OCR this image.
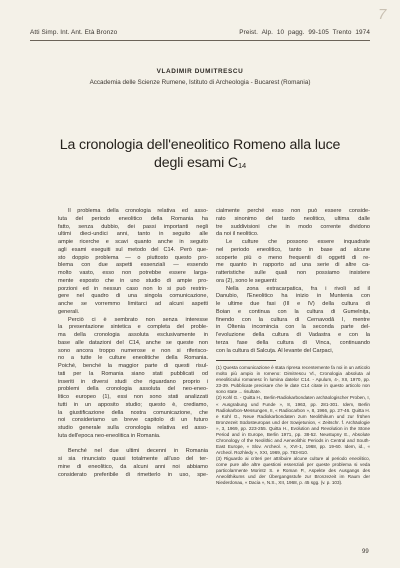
7
Atti Simp. Int. Ant. Età Bronzo	Preist. Alp. 10 pagg. 99-105 Trento 1974
VLADIMIR DUMITRESCU
Accademia delle Scienze Rumene, Istituto di Archeologia - Bucarest (Romania)
La cronologia dell'eneolitico Romeno alla luce
degli esami $C_{14}$

Il problema della cronologia relativa ed asso-

luta del periodo eneolitico della Romania ha

fatto, senza dubbio, dei passi importanti negli

ultimi dieci-undici anni, tanto in seguito alle

ampie ricerche e scavi quanto anche in seguito

agli esami eseguiti sul metodo del C14. Però que-

sto doppio problema — o piuttosto questo pro-

blema con due aspetti essenziali — essendo

molto vasto, esso non potrebbe essere larga-

mente esposto che in uno studio di ampie pro-

porzioni ed in nessun caso non lo si può restrin-

gere nel quadro di una singola comunicazione,

anche se vorremmo limitarci ad alcuni aspetti

generali.

Perciò ci è sembrato non senza interesse

la presentazione sintetica e completa del proble-

ma della cronologia assoluta esclusivamente in

base alle datazioni del C14, anche se queste non

sono ancora troppo numerose e non si riferisco-

no a tutte le culture eneolitiche della Romania.

Poiché, benché la maggior parte di questi risul-

tati per la Romania siano stati pubblicati od

inseriti in diversi studi che riguardano proprio i

problemi della cronologia assoluta del neo-eneo-

litico europeo (1), essi non sono stati analizzati

tutti in un apposito studio; questo è, crediamo,

la giustificazione della nostra comunicazione, che

noi consideriamo un breve capitolo di un futuro

studio generale sulla cronologia relativa ed asso-

luta dell'epoca neo-eneolitica in Romania.

Benché nel due ultimi decenni in Romania

si sia rinunciato quasi totalmente all'uso del ter-

mine di eneolitico, da alcuni anni noi abbiamo

considerato preferibile di rimetterlo in uso, spe-

cialmente perché esso non può essere conside-

rato sinonimo del tardo neolitico, ultima dalle

tre suddivisioni che in modo corrente dividono

da noi il neolitico.

Le culture che possono essere inquadrate

nel periodo eneolitico, tanto in base ad alcune

scoperte più o meno frequenti di oggetti di re-

me quanto in rapporto ad una serie di altre ca-

ratteristiche sulle quali non possiamo insistere

ora (2), sono le seguenti:

Nella zona extracarpatica, fra i rivoli sd il

Danubio, l'Eneolitico ha inizio in Muntenia con

le ultime due fasi (III e IV) della cultura di

Boian e continua con la cultura di Gumelniţa,

finendo con la cultura di Cernavodă I, mentre

in Oltenia incomincia con la seconda parte del-

l'evoluzione della cultura di Vadastra e con la

terza fase della cultura di Vinca, continuando

con la cultura di Salcuţa. Al levante del Carpaci,

(1) Questa comunicazione è stata ripresa recentemente fa noi in un articolo molto più ampio in romeno: Dimitrescu Vl., Cronologia absoluta al eneoliticului romanesc în lumina datelor C14. - Apulum, 4-, XII, 1970, pp. 23-39. Pubblicate precisare che le date C14 citate in questo articolo non sono state ... risultate.
(2) Kohl G. - Quitta H., Berlin-Radiokarbondaten archäologischer Proben, I, « Ausgrabung und Funde », 8, 1963, pp. 281-301. Idem, Berlin Radiokarbon-Messungen, II, « Radiocarbon », 8, 1966, pp. 27-46. Quitta H. e Kohl G., Neue Radiokarbondaten zum Neolithikum und zur frühen Bronzezeit Südosteuropas und der Sowjetunion, « Zeitschr. f. Archäologie », 3, 1969, pp. 223-255. Quitta H., Evolution and Revolution in the Stone Period and in Europe, Berlin 1971, pp. 38-52. Neustupny E., Absolute Chronology of the Neolithic and Aeneolithic Periods in Central and South-East Europe, « Slov. Archeol. », XVI-1, 1968, pp. 19-60. Idem, id., « Archeol. Rozhledy », XXI, 1969, pp. 783-810.
(3) Riguardo ai criteri per attribuire alcune culture al periodo eneolitico, come pure alle altre questioni essenziali per queste problema si veda particolarmente Morintz S. e Roman P., Aspekte des Ausgangs des Aneolithikums und der Übergangsstufe zur Bronzezeit im Raum der Niederdonau, « Dacia », N.S., XII, 1968, p. 45 sgg. (v. p. 103).
99
